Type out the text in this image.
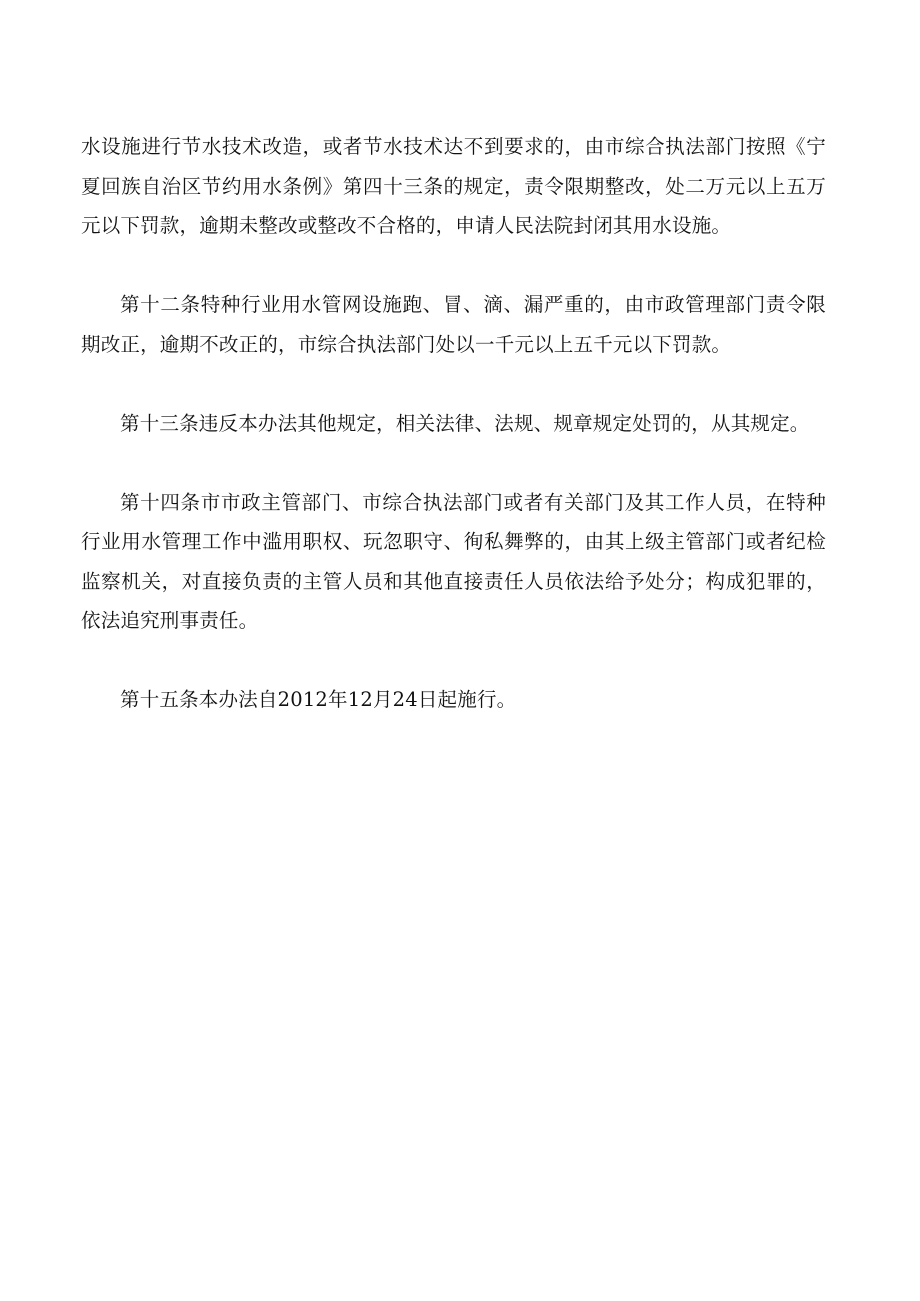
水设施进行节水技术改造，或者节水技术达不到要求的，由市综合执法部门按照《宁夏回族自治区节约用水条例》第四十三条的规定，责令限期整改，处二万元以上五万元以下罚款，逾期未整改或整改不合格的，申请人民法院封闭其用水设施。

第十二条特种行业用水管网设施跑、冒、滴、漏严重的，由市政管理部门责令限期改正，逾期不改正的，市综合执法部门处以一千元以上五千元以下罚款。

第十三条违反本办法其他规定，相关法律、法规、规章规定处罚的，从其规定。

第十四条市市政主管部门、市综合执法部门或者有关部门及其工作人员，在特种行业用水管理工作中滥用职权、玩忽职守、徇私舞弊的，由其上级主管部门或者纪检监察机关，对直接负责的主管人员和其他直接责任人员依法给予处分；构成犯罪的，依法追究刑事责任。

第十五条本办法自2012年12月24日起施行。
